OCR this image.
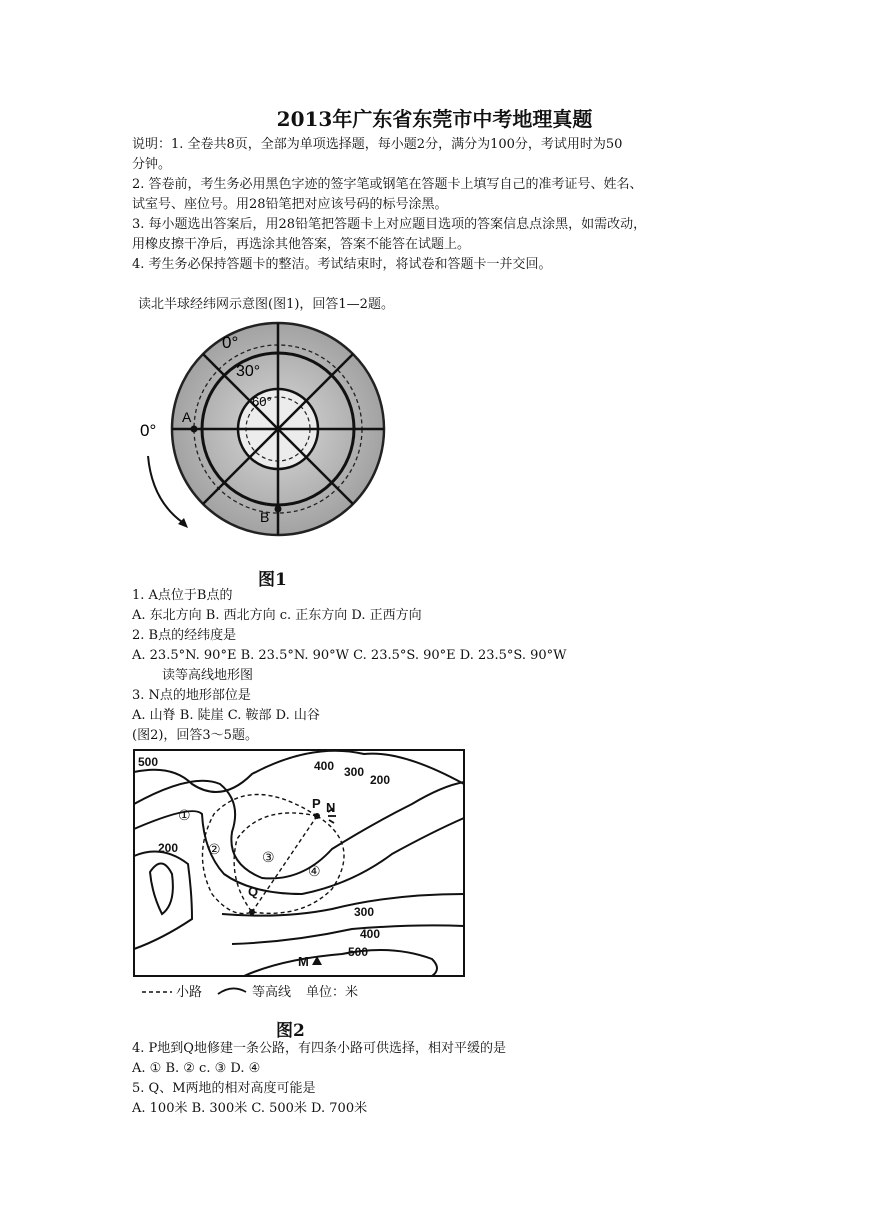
2013年广东省东莞市中考地理真题
说明：1. 全卷共8页，全部为单项选择题，每小题2分，满分为100分，考试用时为50
分钟。
2. 答卷前，考生务必用黑色字迹的签字笔或钢笔在答题卡上填写自己的准考证号、姓名、
试室号、座位号。用28铅笔把对应该号码的标号涂黑。
3. 每小题选出答案后，用28铅笔把答题卡上对应题目选项的答案信息点涂黑，如需改动，
用橡皮擦干净后，再选涂其他答案，答案不能答在试题上。
4. 考生务必保持答题卡的整洁。考试结束时，将试卷和答题卡一并交回。
读北半球经纬网示意图(图1)，回答1—2题。
0°
30°
60°
0°
A
B
图1
1. A点位于B点的
A. 东北方向 B. 西北方向 c. 正东方向 D. 正西方向
2. B点的经纬度是
A. 23.5°N. 90°E B. 23.5°N. 90°W C. 23.5°S. 90°E D. 23.5°S. 90°W
读等高线地形图
3. N点的地形部位是
A. 山脊 B. 陡崖 C. 鞍部 D. 山谷
(图2)，回答3～5题。
500	400 300
200
200
300
400
500
①
②	③
④
P N
Q
M
小路	等高线 单位：米
图2
4. P地到Q地修建一条公路，有四条小路可供选择，相对平缓的是
A. ① B. ② c. ③ D. ④
5. Q、M两地的相对高度可能是
A. 100米 B. 300米 C. 500米 D. 700米
